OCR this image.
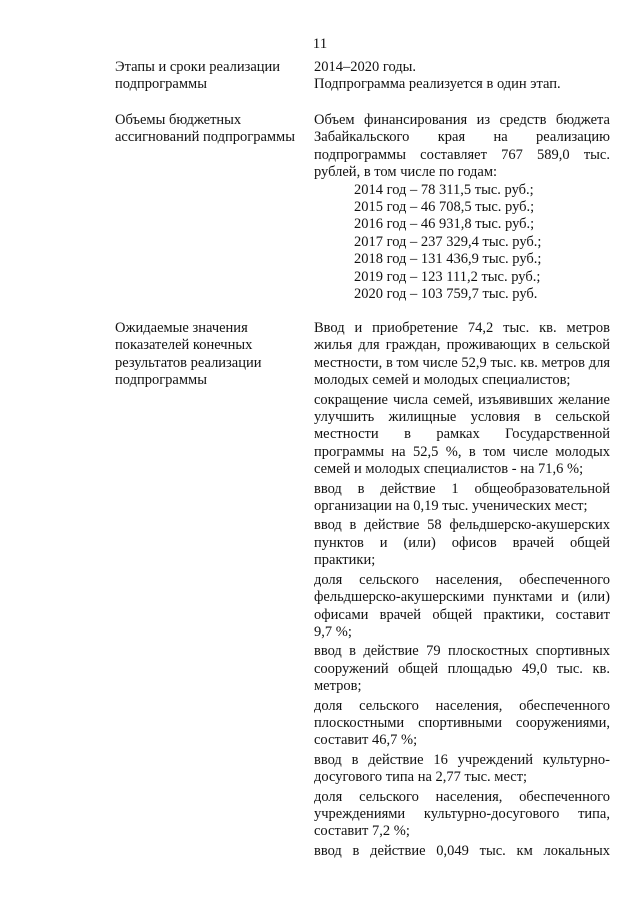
11
Этапы и сроки реализации
подпрограммы
2014–2020 годы.
Подпрограмма реализуется в один этап.
Объемы бюджетных
ассигнований подпрограммы
Объем финансирования из средств бюджета
Забайкальского края на реализацию
подпрограммы составляет 767 589,0 тыс.
рублей, в том числе по годам:
2014 год – 78 311,5 тыс. руб.;
2015 год – 46 708,5 тыс. руб.;
2016 год – 46 931,8 тыс. руб.;
2017 год – 237 329,4 тыс. руб.;
2018 год – 131 436,9 тыс. руб.;
2019 год – 123 111,2 тыс. руб.;
2020 год – 103 759,7 тыс. руб.
Ожидаемые значения
показателей конечных
результатов реализации
подпрограммы
Ввод и приобретение 74,2 тыс. кв. метров
жилья для граждан, проживающих в сельской
местности, в том числе 52,9 тыс. кв. метров для
молодых семей и молодых специалистов;
сокращение числа семей, изъявивших желание
улучшить жилищные условия в сельской
местности в рамках Государственной
программы на 52,5 %, в том числе молодых
семей и молодых специалистов - на 71,6 %;
ввод в действие 1 общеобразовательной
организации на 0,19 тыс. ученических мест;
ввод в действие 58 фельдшерско-акушерских
пунктов и (или) офисов врачей общей
практики;
доля сельского населения, обеспеченного
фельдшерско-акушерскими пунктами и (или)
офисами врачей общей практики, составит
9,7 %;
ввод в действие 79 плоскостных спортивных
сооружений общей площадью 49,0 тыс. кв.
метров;
доля сельского населения, обеспеченного
плоскостными спортивными сооружениями,
составит 46,7 %;
ввод в действие 16 учреждений культурно-
досугового типа на 2,77 тыс. мест;
доля сельского населения, обеспеченного
учреждениями культурно-досугового типа,
составит 7,2 %;
ввод в действие 0,049 тыс. км локальных
